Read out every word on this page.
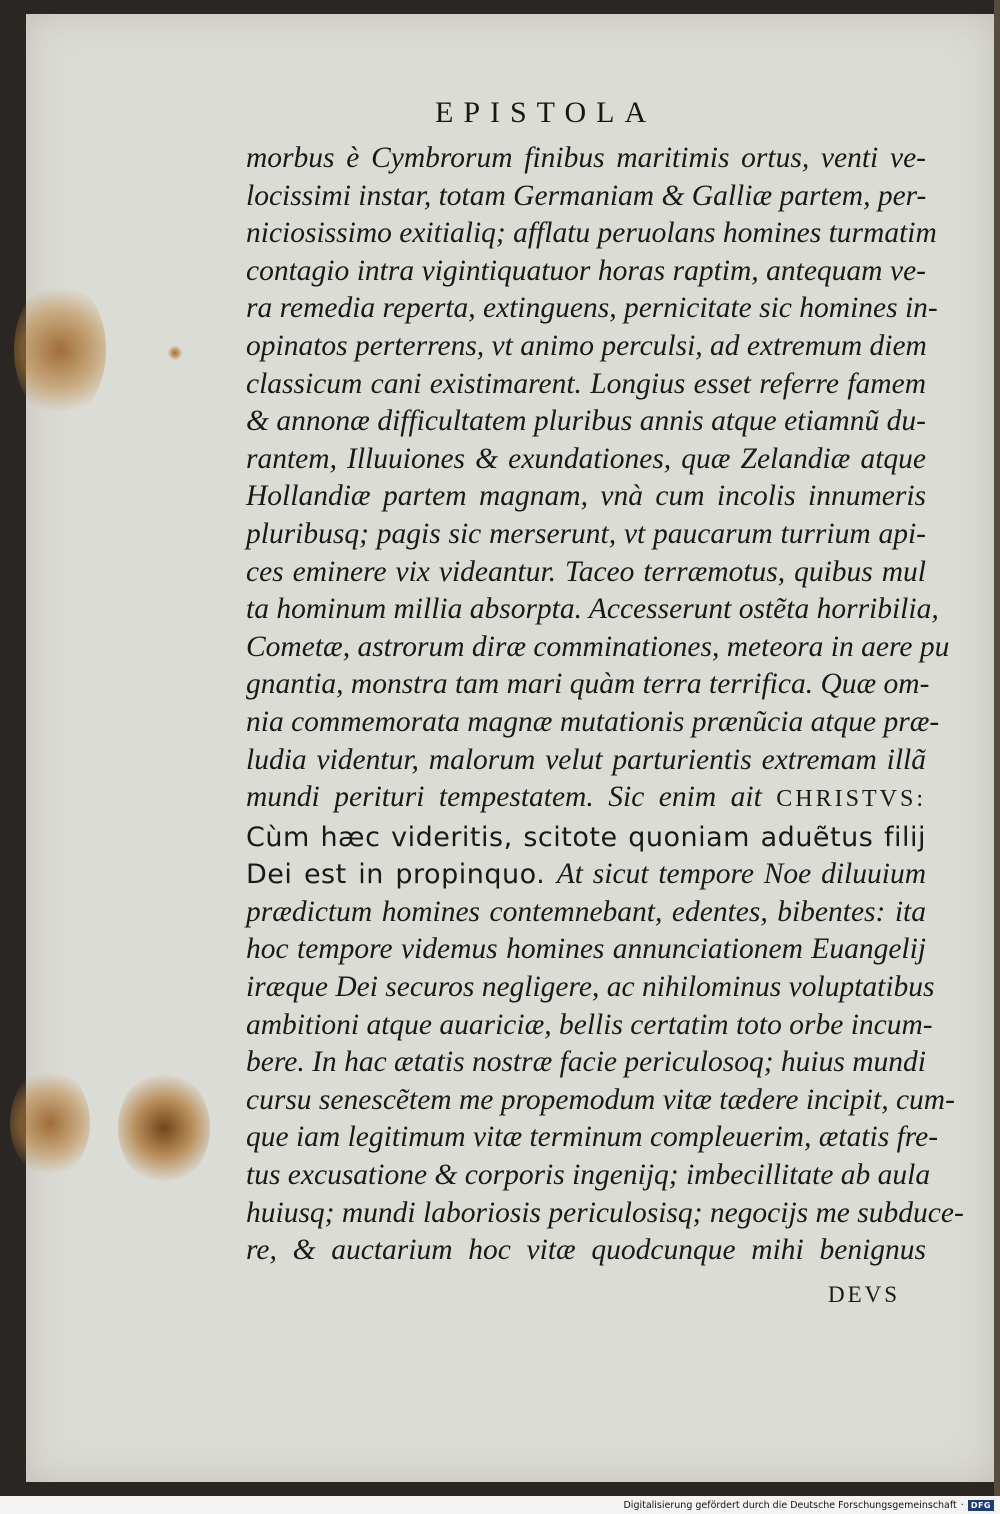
EPISTOLA
morbus è Cymbrorum finibus maritimis ortus, venti ve-
locissimi instar, totam Germaniam & Galliæ partem, per-
niciosissimo exitialiq; afflatu peruolans homines turmatim
contagio intra vigintiquatuor horas raptim, antequam ve-
ra remedia reperta, extinguens, pernicitate sic homines in-
opinatos perterrens, vt animo perculsi, ad extremum diem
classicum cani existimarent. Longius esset referre famem
& annonæ difficultatem pluribus annis atque etiamnũ du-
rantem, Illuuiones & exundationes, quæ Zelandiæ atque
Hollandiæ partem magnam, vnà cum incolis innumeris
pluribusq; pagis sic merserunt, vt paucarum turrium api-
ces eminere vix videantur. Taceo terræmotus, quibus mul
ta hominum millia absorpta. Accesserunt ostẽta horribilia,
Cometæ, astrorum diræ comminationes, meteora in aere pu
gnantia, monstra tam mari quàm terra terrifica. Quæ om-
nia commemorata magnæ mutationis prænũcia atque præ-
ludia videntur, malorum velut parturientis extremam illã
mundi perituri tempestatem. Sic enim ait CHRISTVS:
Cùm hæc videritis, scitote quoniam aduẽtus filij
Dei est in propinquo. At sicut tempore Noe diluuium
prædictum homines contemnebant, edentes, bibentes: ita
hoc tempore videmus homines annunciationem Euangelij
iræque Dei securos negligere, ac nihilominus voluptatibus
ambitioni atque auariciæ, bellis certatim toto orbe incum-
bere. In hac ætatis nostræ facie periculosoq; huius mundi
cursu senescẽtem me propemodum vitæ tædere incipit, cum-
que iam legitimum vitæ terminum compleuerim, ætatis fre-
tus excusatione & corporis ingenijq; imbecillitate ab aula
huiusq; mundi laboriosis periculosisq; negocijs me subduce-
re, & auctarium hoc vitæ quodcunque mihi benignus
DEVS
Digitalisierung gefördert durch die Deutsche Forschungsgemeinschaft · DFG
